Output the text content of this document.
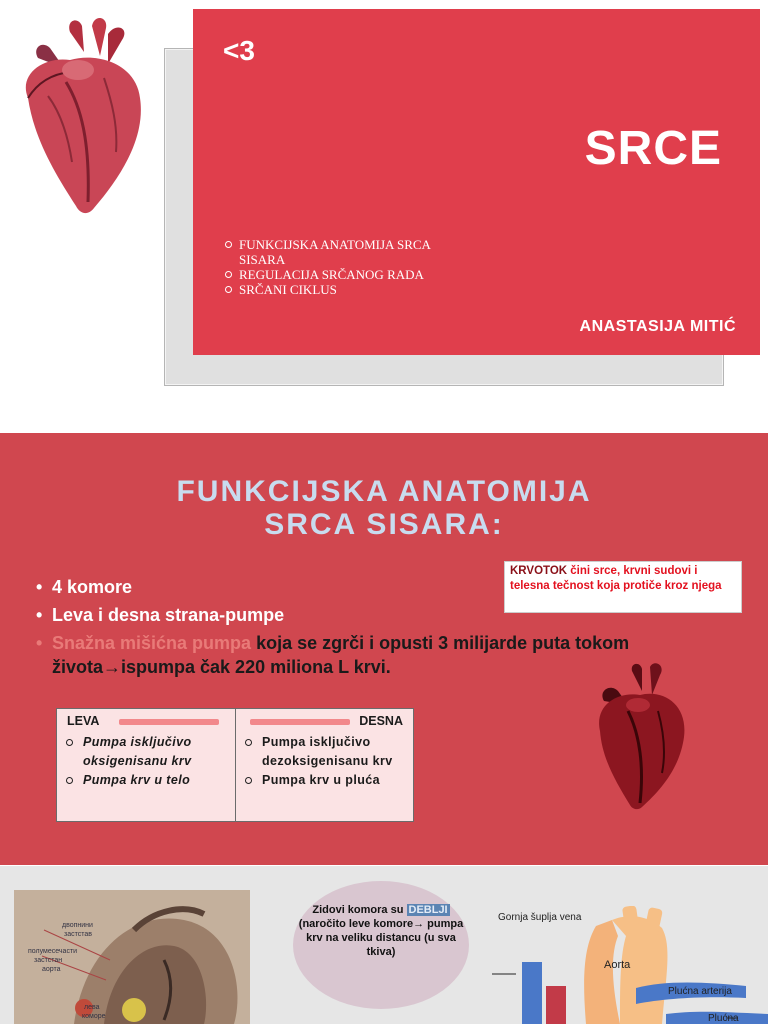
<3
SRCE
FUNKCIJSKA ANATOMIJA SRCA SISARA
REGULACIJA SRČANOG RADA
SRČANI CIKLUS
ANASTASIJA MITIĆ
FUNKCIJSKA ANATOMIJA
SRCA SISARA:
KRVOTOK čini srce, krvni sudovi i telesna tečnost koja protiče kroz njega
• 4 komore
• Leva i desna strana-pumpe
• Snažna mišićna pumpa koja se zgrči i opusti 3 milijarde puta tokom života→ispumpa čak 220 miliona L krvi.
LEVA
Pumpa isključivo oksigenisanu krv
Pumpa krv u telo
DESNA
Pumpa isključivo dezoksigenisanu krv
Pumpa krv u pluća
двопнини
застстав
полумесечасти
застстан
аорта
лева
коморе
Zidovi komora su DEBLJI (naročito leve komore→ pumpa krv na veliku distancu (u sva tkiva)
Gornja šuplja vena
Aorta
Plućna arterija
Plućna
